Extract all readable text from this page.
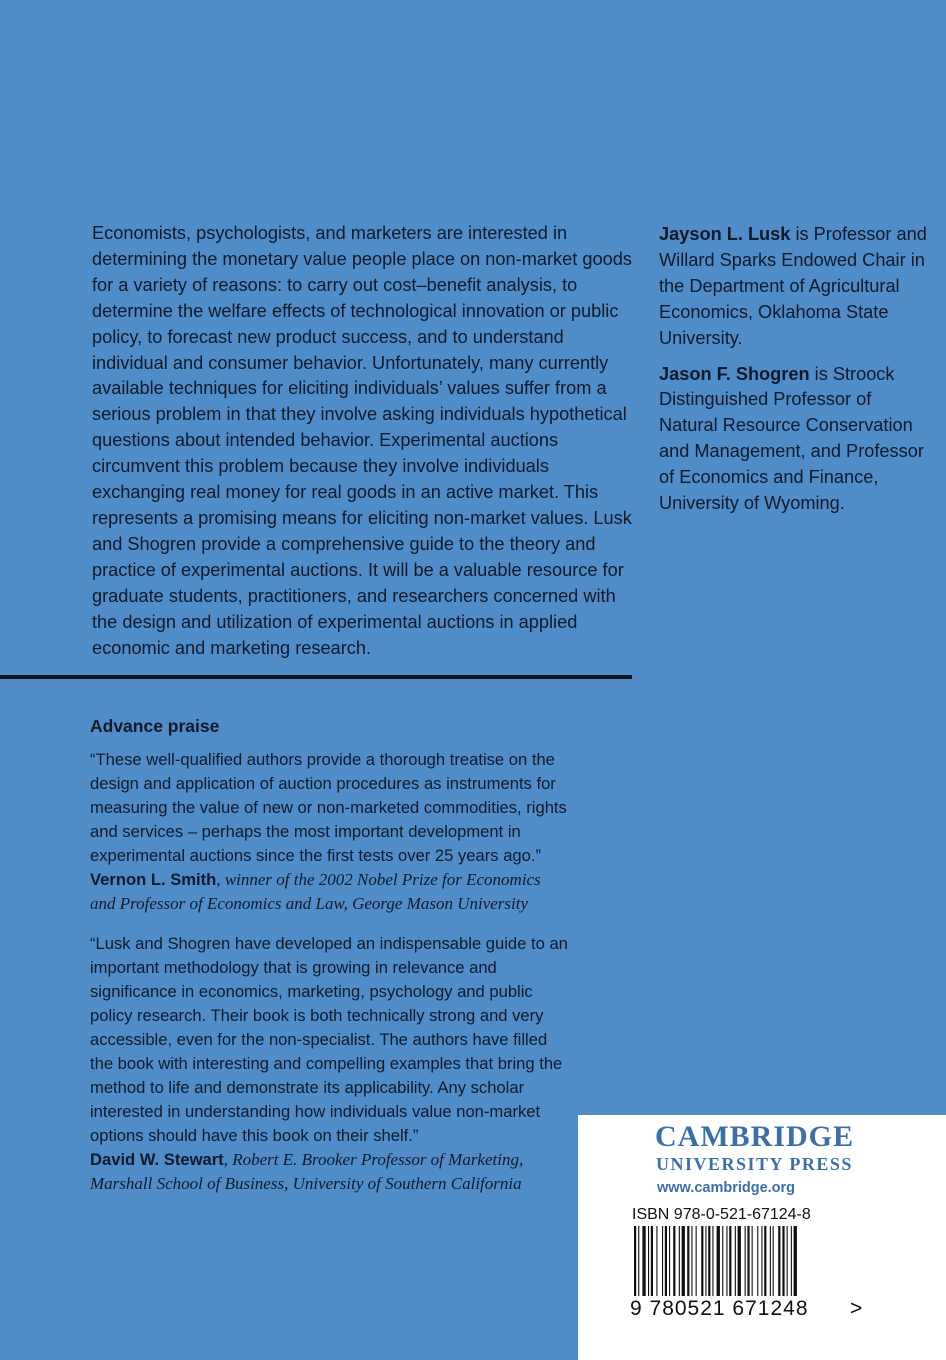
Economists, psychologists, and marketers are interested in determining the monetary value people place on non-market goods for a variety of reasons: to carry out cost–benefit analysis, to determine the welfare effects of technological innovation or public policy, to forecast new product success, and to understand individual and consumer behavior. Unfortunately, many currently available techniques for eliciting individuals’ values suffer from a serious problem in that they involve asking individuals hypothetical questions about intended behavior. Experimental auctions circumvent this problem because they involve individuals exchanging real money for real goods in an active market. This represents a promising means for eliciting non-market values. Lusk and Shogren provide a comprehensive guide to the theory and practice of experimental auctions. It will be a valuable resource for graduate students, practitioners, and researchers concerned with the design and utilization of experimental auctions in applied economic and marketing research.

Jayson L. Lusk is Professor and Willard Sparks Endowed Chair in the Department of Agricultural Economics, Oklahoma State University.

Jason F. Shogren is Stroock Distinguished Professor of Natural Resource Conservation and Management, and Professor of Economics and Finance, University of Wyoming.

Advance praise

“These well-qualified authors provide a thorough treatise on the design and application of auction procedures as instruments for measuring the value of new or non-marketed commodities, rights and services – perhaps the most important development in experimental auctions since the first tests over 25 years ago.”

Vernon L. Smith, winner of the 2002 Nobel Prize for Economics and Professor of Economics and Law, George Mason University

“Lusk and Shogren have developed an indispensable guide to an important methodology that is growing in relevance and significance in economics, marketing, psychology and public policy research. Their book is both technically strong and very accessible, even for the non-specialist. The authors have filled the book with interesting and compelling examples that bring the method to life and demonstrate its applicability. Any scholar interested in understanding how individuals value non-market options should have this book on their shelf.”

David W. Stewart, Robert E. Brooker Professor of Marketing, Marshall School of Business, University of Southern California

CAMBRIDGE
UNIVERSITY PRESS
www.cambridge.org
ISBN 978-0-521-67124-8
9 780521 671248 >
